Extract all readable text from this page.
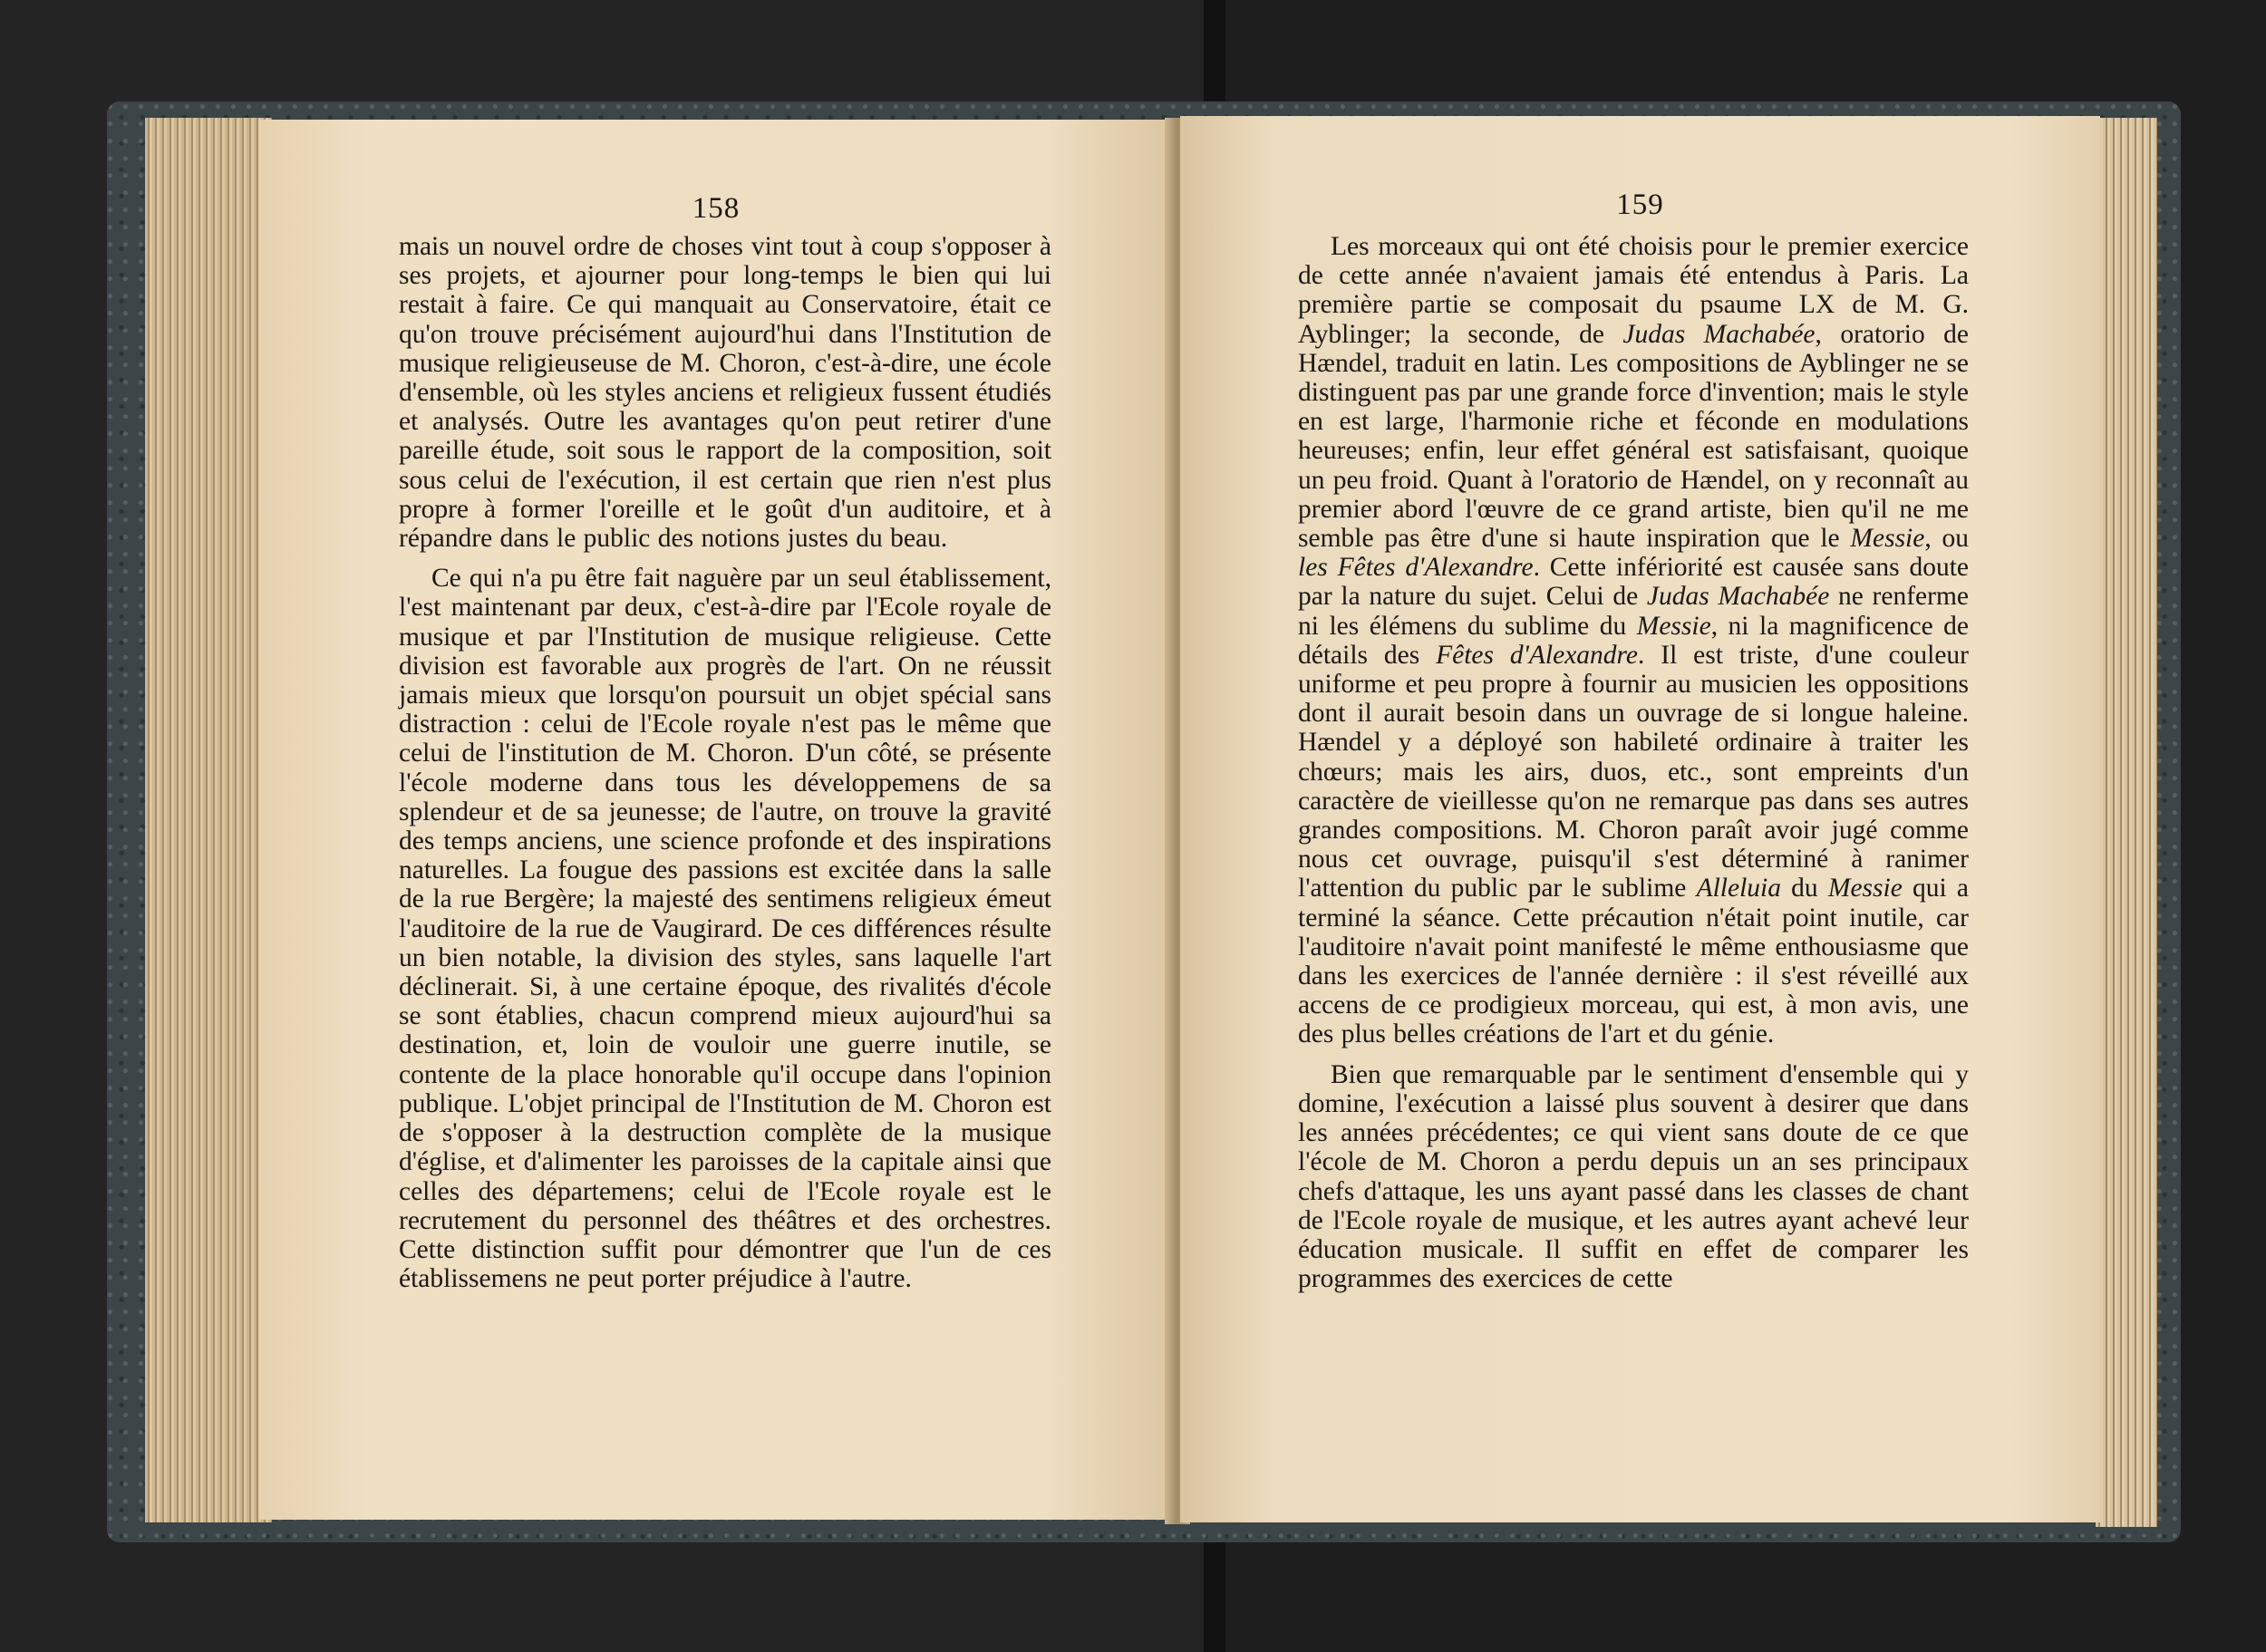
158

mais un nouvel ordre de choses vint tout à coup s'opposer à ses projets, et ajourner pour long-temps le bien qui lui restait à faire. Ce qui manquait au Conservatoire, était ce qu'on trouve précisément aujourd'hui dans l'Institution de musique religieuseuse de M. Choron, c'est-à-dire, une école d'ensemble, où les styles anciens et religieux fussent étudiés et analysés. Outre les avantages qu'on peut retirer d'une pareille étude, soit sous le rapport de la composition, soit sous celui de l'exécution, il est certain que rien n'est plus propre à former l'oreille et le goût d'un auditoire, et à répandre dans le public des notions justes du beau.

Ce qui n'a pu être fait naguère par un seul établissement, l'est maintenant par deux, c'est-à-dire par l'Ecole royale de musique et par l'Institution de musique religieuse. Cette division est favorable aux progrès de l'art. On ne réussit jamais mieux que lorsqu'on poursuit un objet spécial sans distraction : celui de l'Ecole royale n'est pas le même que celui de l'institution de M. Choron. D'un côté, se présente l'école moderne dans tous les développemens de sa splendeur et de sa jeunesse; de l'autre, on trouve la gravité des temps anciens, une science profonde et des inspirations naturelles. La fougue des passions est excitée dans la salle de la rue Bergère; la majesté des sentimens religieux émeut l'auditoire de la rue de Vaugirard. De ces différences résulte un bien notable, la division des styles, sans laquelle l'art déclinerait. Si, à une certaine époque, des rivalités d'école se sont établies, chacun comprend mieux aujourd'hui sa destination, et, loin de vouloir une guerre inutile, se contente de la place honorable qu'il occupe dans l'opinion publique. L'objet principal de l'Institution de M. Choron est de s'opposer à la destruction complète de la musique d'église, et d'alimenter les paroisses de la capitale ainsi que celles des départemens; celui de l'Ecole royale est le recrutement du personnel des théâtres et des orchestres. Cette distinction suffit pour démontrer que l'un de ces établissemens ne peut porter préjudice à l'autre.

159

Les morceaux qui ont été choisis pour le premier exercice de cette année n'avaient jamais été entendus à Paris. La première partie se composait du psaume LX de M. G. Ayblinger; la seconde, de Judas Machabée, oratorio de Hændel, traduit en latin. Les compositions de Ayblinger ne se distinguent pas par une grande force d'invention; mais le style en est large, l'harmonie riche et féconde en modulations heureuses; enfin, leur effet général est satisfaisant, quoique un peu froid. Quant à l'oratorio de Hændel, on y reconnaît au premier abord l'œuvre de ce grand artiste, bien qu'il ne me semble pas être d'une si haute inspiration que le Messie, ou les Fêtes d'Alexandre. Cette infériorité est causée sans doute par la nature du sujet. Celui de Judas Machabée ne renferme ni les élémens du sublime du Messie, ni la magnificence de détails des Fêtes d'Alexandre. Il est triste, d'une couleur uniforme et peu propre à fournir au musicien les oppositions dont il aurait besoin dans un ouvrage de si longue haleine. Hændel y a déployé son habileté ordinaire à traiter les chœurs; mais les airs, duos, etc., sont empreints d'un caractère de vieillesse qu'on ne remarque pas dans ses autres grandes compositions. M. Choron paraît avoir jugé comme nous cet ouvrage, puisqu'il s'est déterminé à ranimer l'attention du public par le sublime Alleluia du Messie qui a terminé la séance. Cette précaution n'était point inutile, car l'auditoire n'avait point manifesté le même enthousiasme que dans les exercices de l'année dernière : il s'est réveillé aux accens de ce prodigieux morceau, qui est, à mon avis, une des plus belles créations de l'art et du génie.

Bien que remarquable par le sentiment d'ensemble qui y domine, l'exécution a laissé plus souvent à desirer que dans les années précédentes; ce qui vient sans doute de ce que l'école de M. Choron a perdu depuis un an ses principaux chefs d'attaque, les uns ayant passé dans les classes de chant de l'Ecole royale de musique, et les autres ayant achevé leur éducation musicale. Il suffit en effet de comparer les programmes des exercices de cette
